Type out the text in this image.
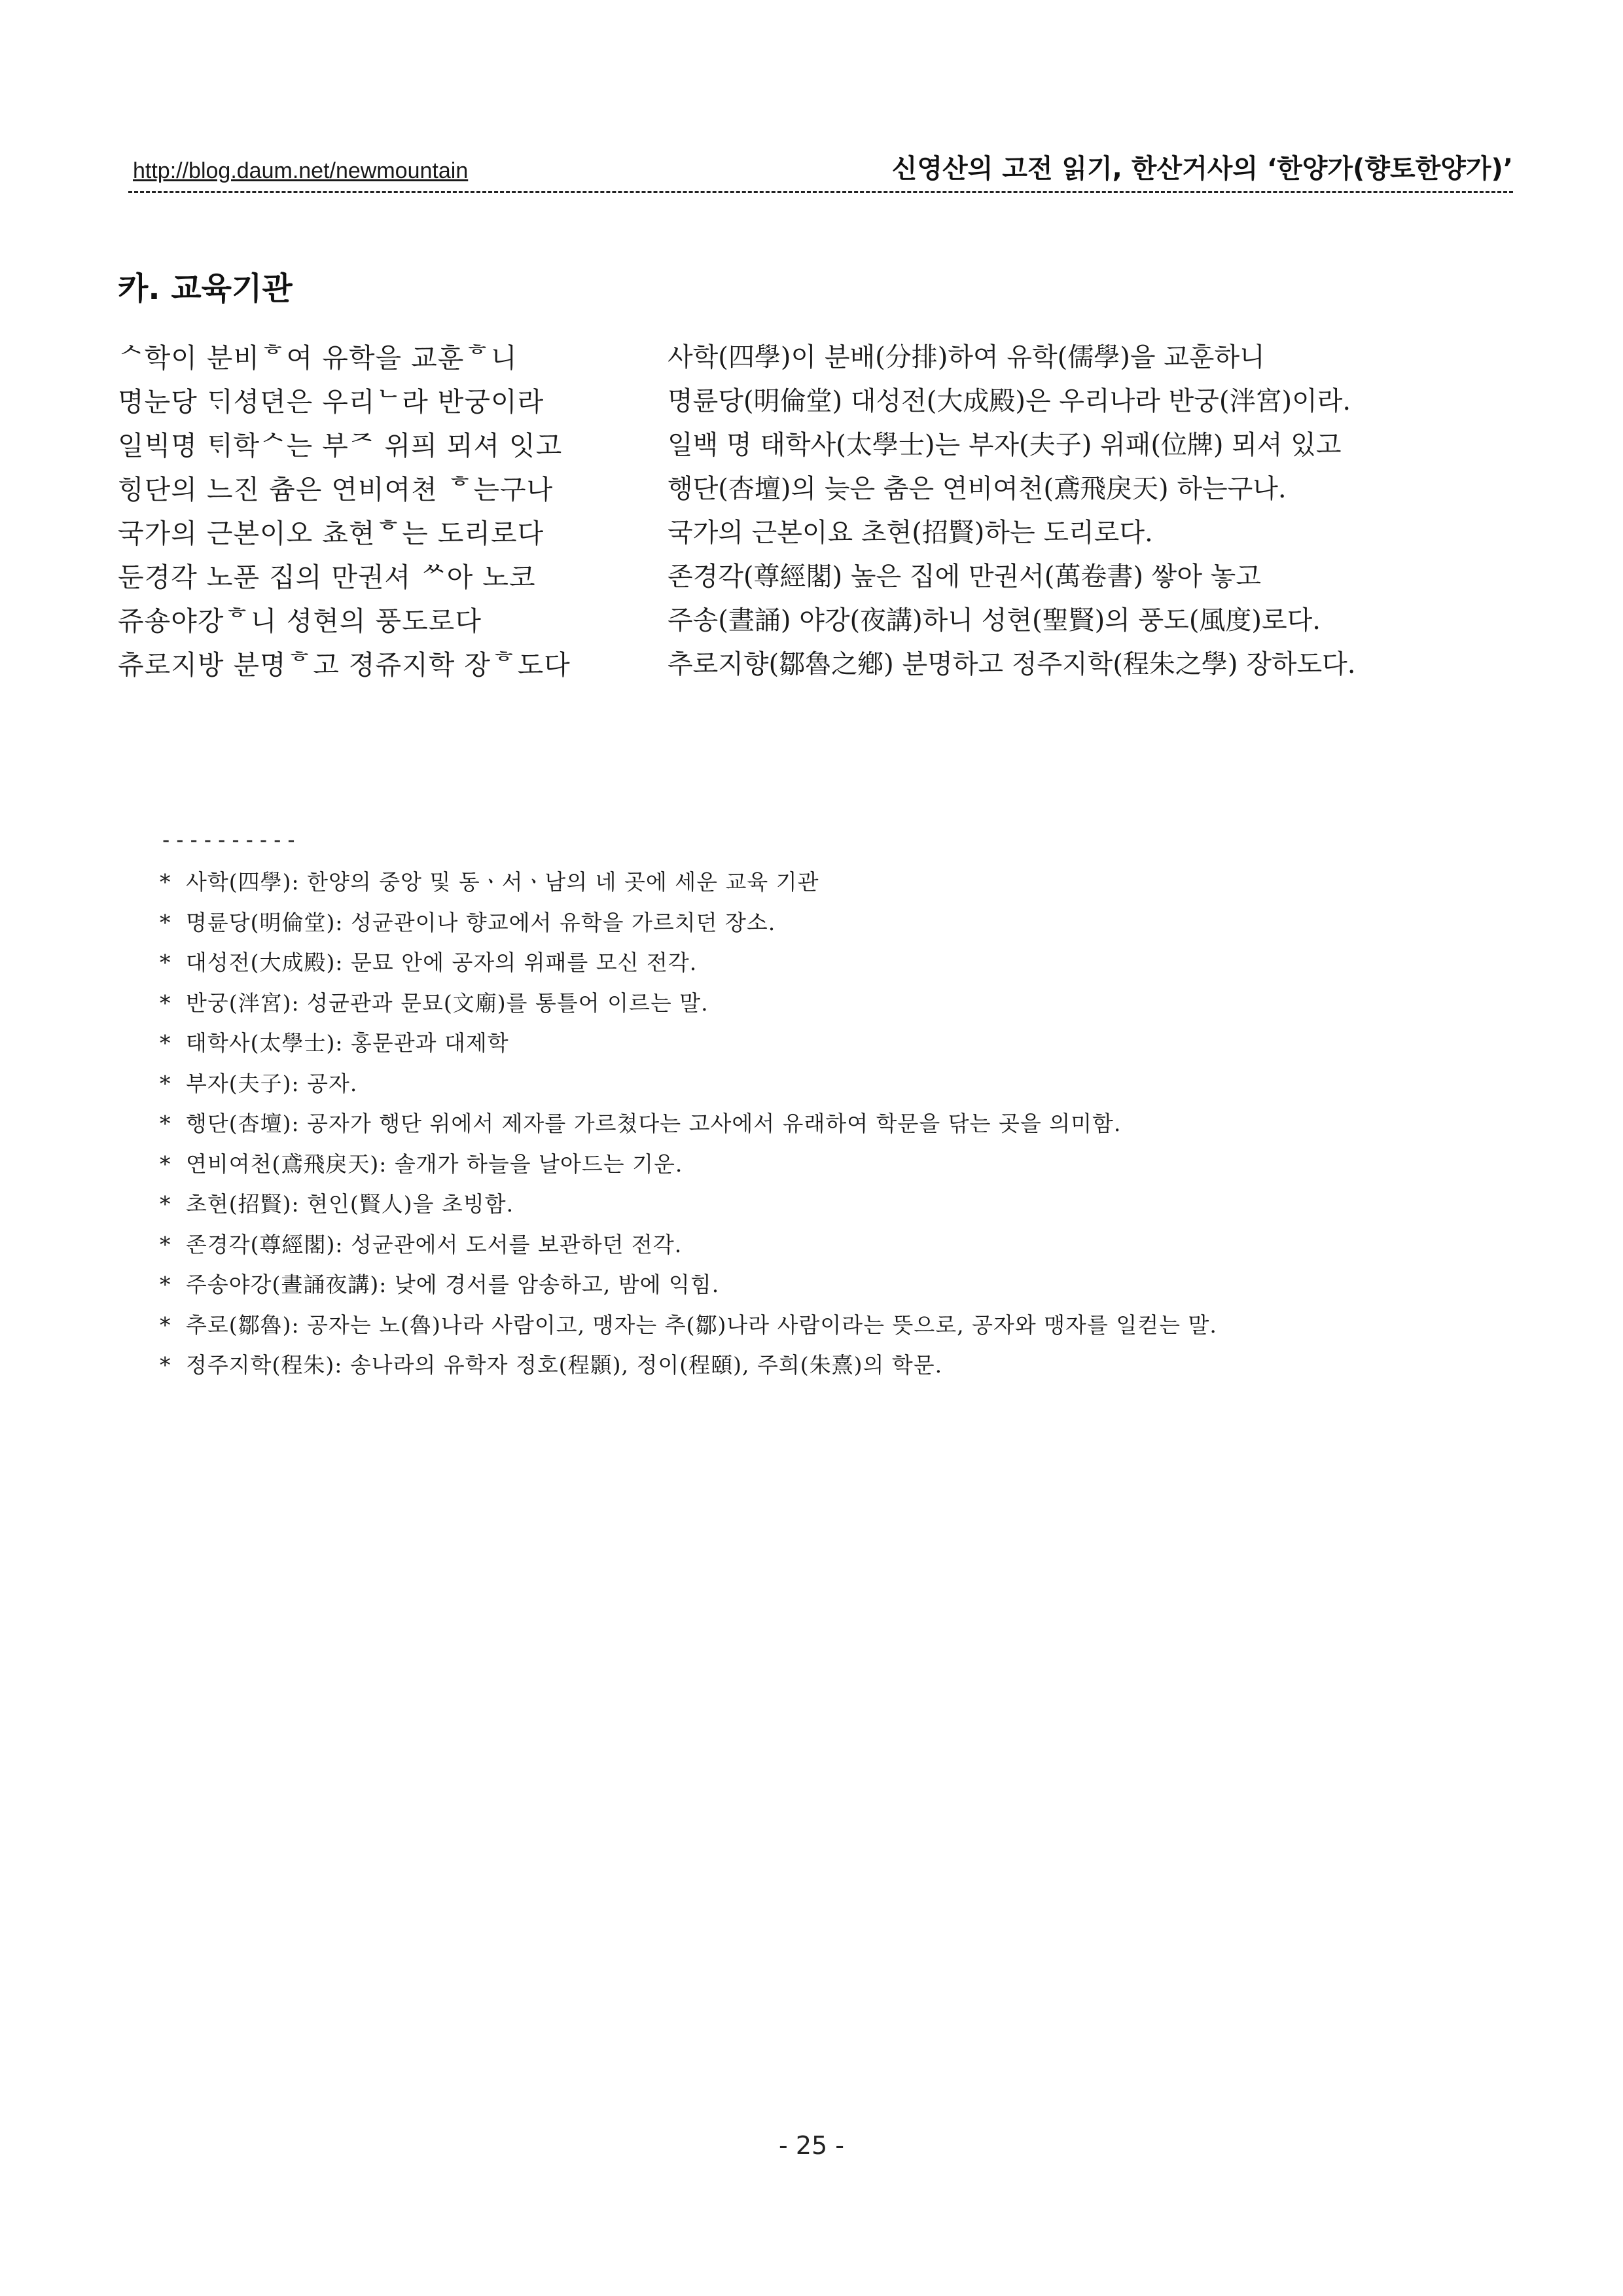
http://blog.daum.net/newmountain	신영산의 고전 읽기, 한산거사의 ‘한양가(향토한양가)’
카. 교육기관
ᄉ학이 분비ᄒ여 유학을 교훈ᄒ니	사학(四學)이 분배(分排)하여 유학(儒學)을 교훈하니
명눈당 ᄃᆡ셩뎐은 우리ᄂ라 반궁이라	명륜당(明倫堂) 대성전(大成殿)은 우리나라 반궁(泮宮)이라.
일빅명 ᄐᆡ학ᄉ는 부ᄌ 위픠 뫼셔 잇고	일백 명 태학사(太學士)는 부자(夫子) 위패(位牌) 뫼셔 있고
힝단의 느진 츔은 연비여쳔 ᄒ는구나	행단(杏壇)의 늦은 춤은 연비여천(鳶飛戾天) 하는구나.
국가의 근본이오 쵸현ᄒ는 도리로다	국가의 근본이요 초현(招賢)하는 도리로다.
둔경각 노푼 집의 만권셔 ᄊ아 노코	존경각(尊經閣) 높은 집에 만권서(萬卷書) 쌓아 놓고
쥬숑야강ᄒ니 셩현의 풍도로다	주송(晝誦) 야강(夜講)하니 성현(聖賢)의 풍도(風度)로다.
츄로지방 분명ᄒ고 졍쥬지학 장ᄒ도다	추로지향(鄒魯之鄕) 분명하고 정주지학(程朱之學) 장하도다.
----------
* 사학(四學): 한양의 중앙 및 동ㆍ서ㆍ남의 네 곳에 세운 교육 기관
* 명륜당(明倫堂): 성균관이나 향교에서 유학을 가르치던 장소.
* 대성전(大成殿): 문묘 안에 공자의 위패를 모신 전각.
* 반궁(泮宮): 성균관과 문묘(文廟)를 통틀어 이르는 말.
* 태학사(太學士): 홍문관과 대제학
* 부자(夫子): 공자.
* 행단(杏壇): 공자가 행단 위에서 제자를 가르쳤다는 고사에서 유래하여 학문을 닦는 곳을 의미함.
* 연비여천(鳶飛戾天): 솔개가 하늘을 날아드는 기운.
* 초현(招賢): 현인(賢人)을 초빙함.
* 존경각(尊經閣): 성균관에서 도서를 보관하던 전각.
* 주송야강(晝誦夜講): 낮에 경서를 암송하고, 밤에 익힘.
* 추로(鄒魯): 공자는 노(魯)나라 사람이고, 맹자는 추(鄒)나라 사람이라는 뜻으로, 공자와 맹자를 일컫는 말.
* 정주지학(程朱): 송나라의 유학자 정호(程顥), 정이(程頤), 주희(朱熹)의 학문.
- 25 -
